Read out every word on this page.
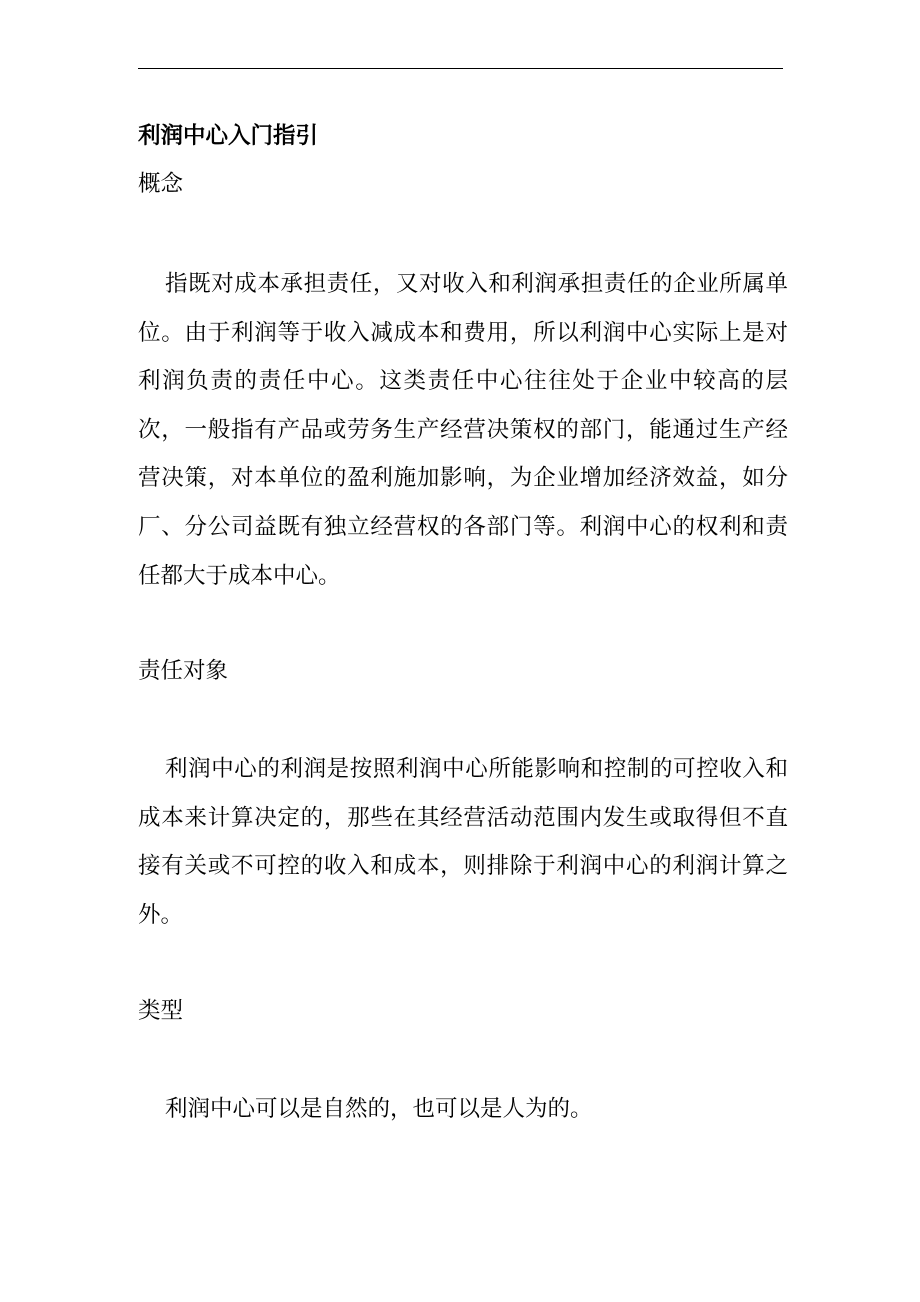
利润中心入门指引
概念

指既对成本承担责任，又对收入和利润承担责任的企业所属单位。由于利润等于收入减成本和费用，所以利润中心实际上是对利润负责的责任中心。这类责任中心往往处于企业中较高的层次，一般指有产品或劳务生产经营决策权的部门，能通过生产经营决策，对本单位的盈利施加影响，为企业增加经济效益，如分厂、分公司益既有独立经营权的各部门等。利润中心的权利和责任都大于成本中心。

责任对象

利润中心的利润是按照利润中心所能影响和控制的可控收入和成本来计算决定的，那些在其经营活动范围内发生或取得但不直接有关或不可控的收入和成本，则排除于利润中心的利润计算之外。

类型

利润中心可以是自然的，也可以是人为的。
